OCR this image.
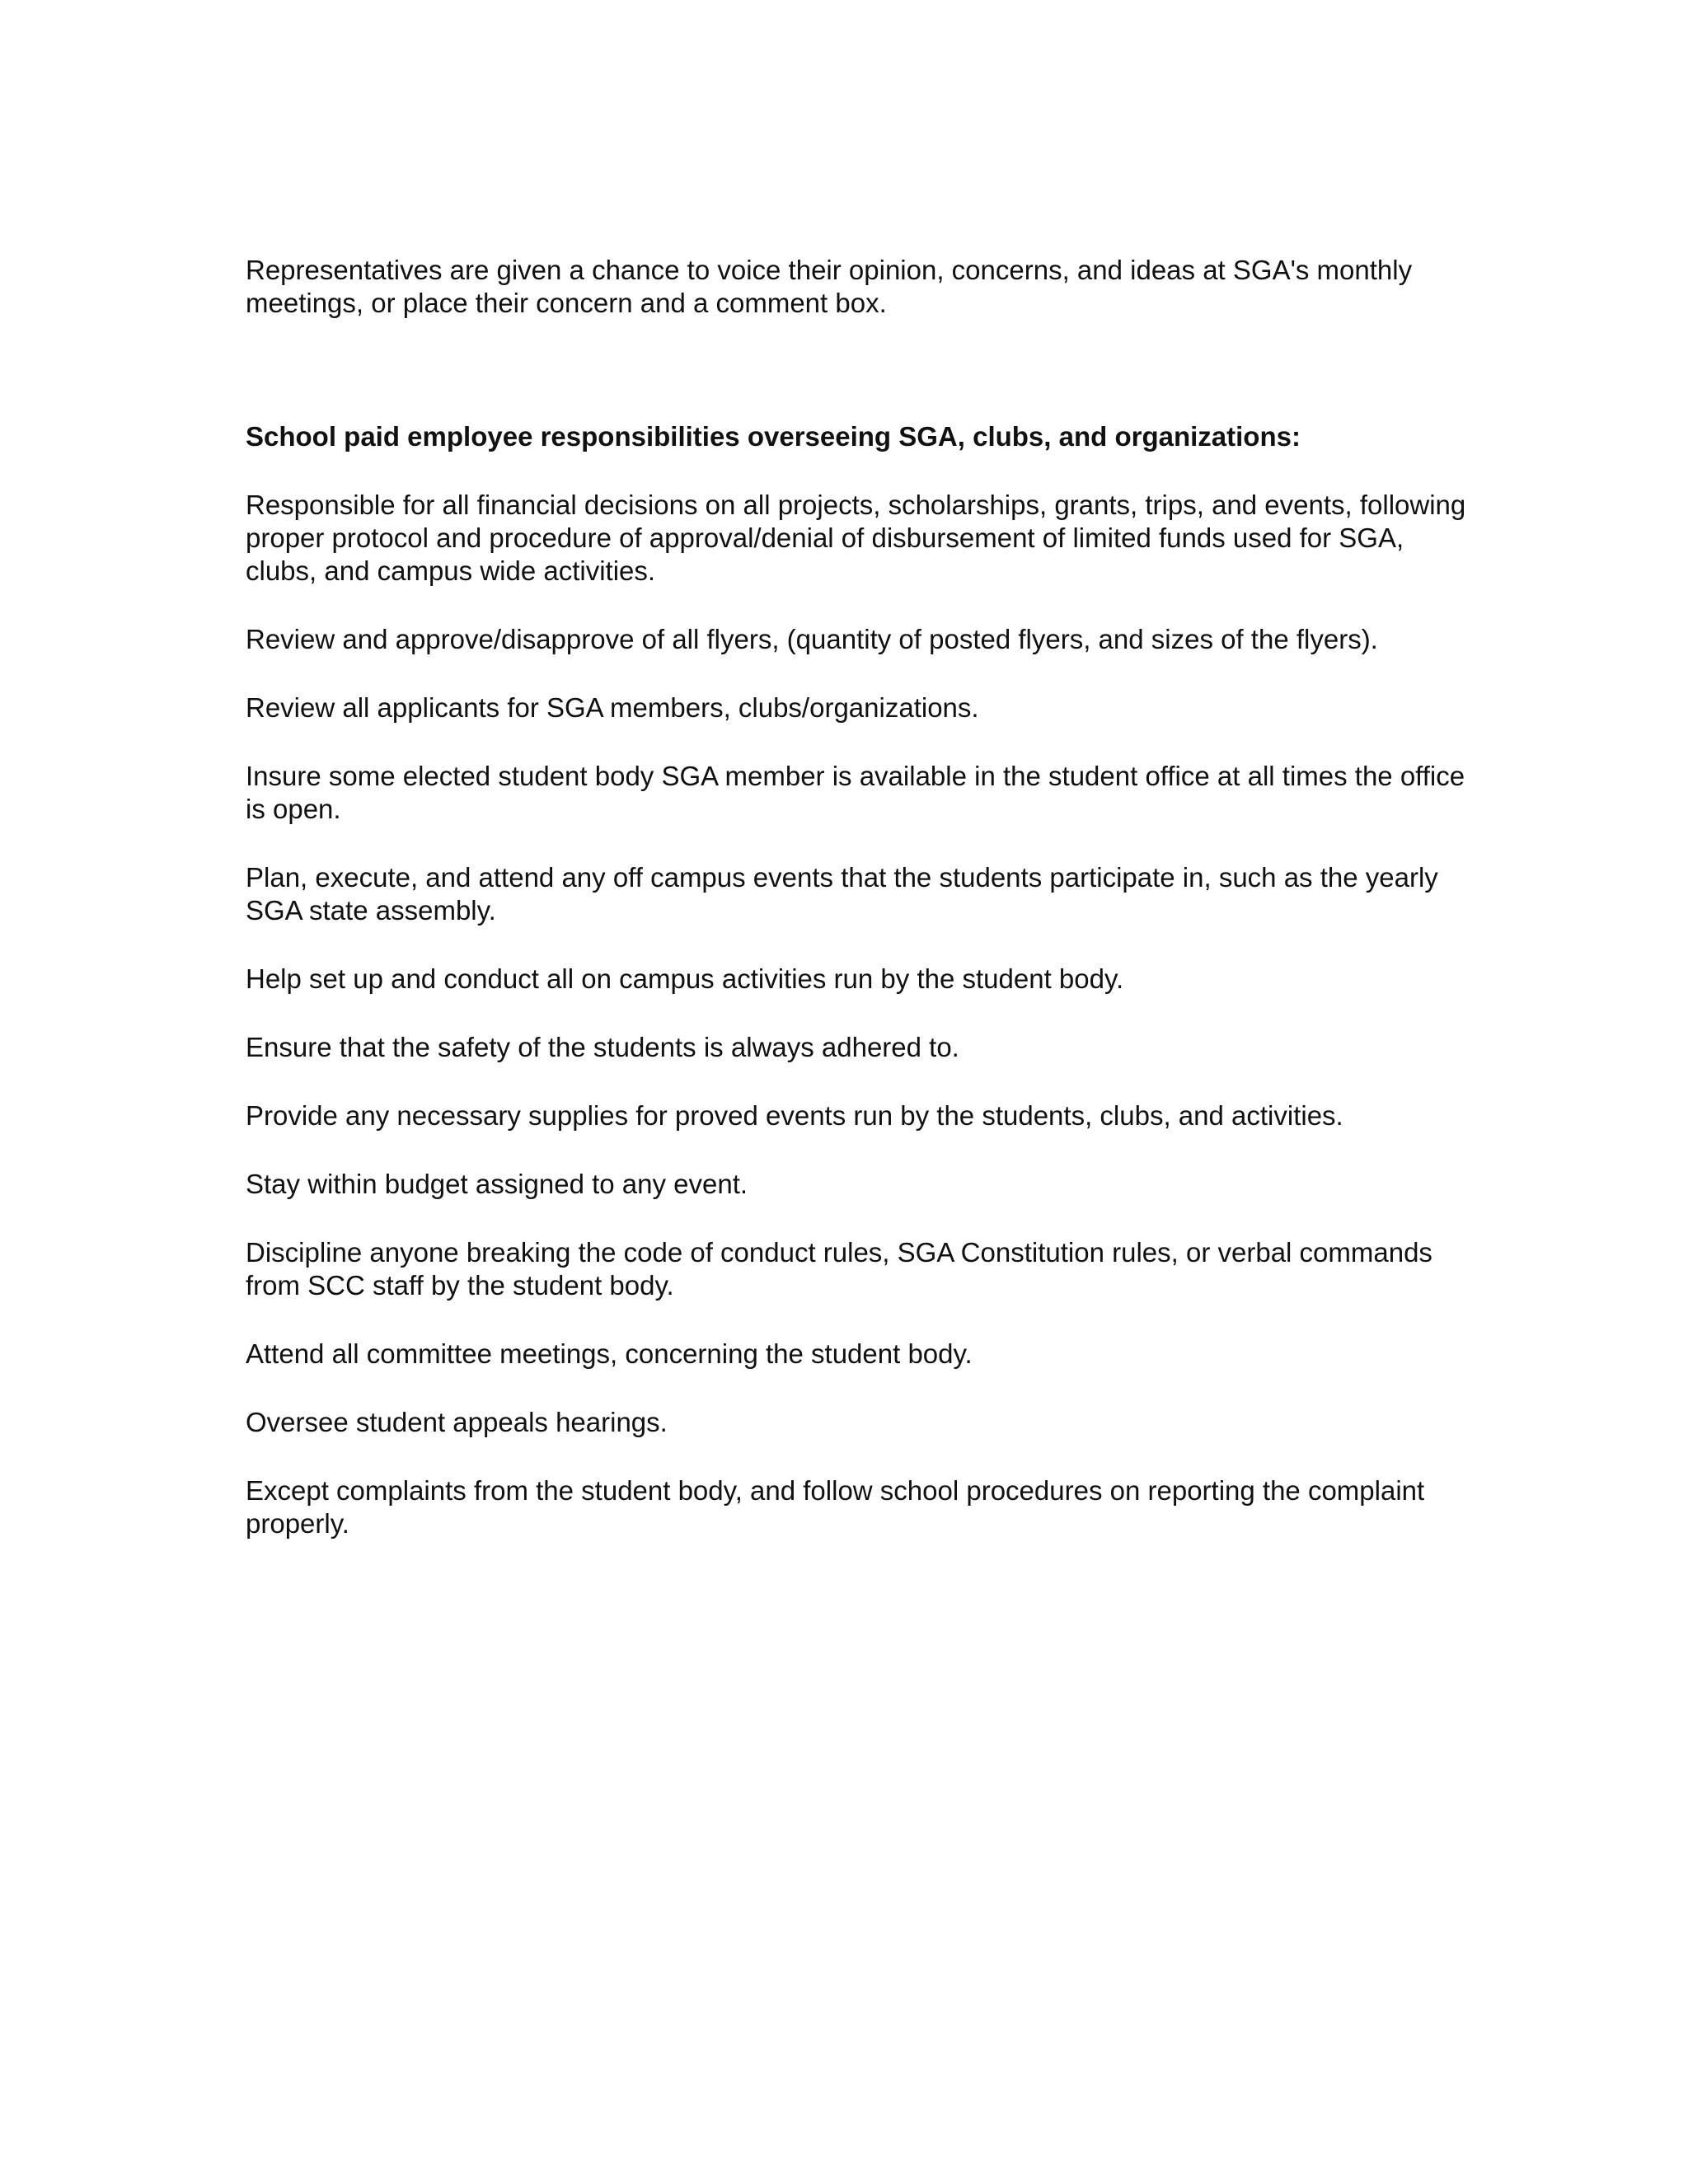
Representatives are given a chance to voice their opinion, concerns, and ideas at SGA's monthly meetings, or place their concern and a comment box.

School paid employee responsibilities overseeing SGA, clubs, and organizations:

Responsible for all financial decisions on all projects, scholarships, grants, trips, and events, following proper protocol and procedure of approval/denial of disbursement of limited funds used for SGA, clubs, and campus wide activities.

Review and approve/disapprove of all flyers, (quantity of posted flyers, and sizes of the flyers).

Review all applicants for SGA members, clubs/organizations.

Insure some elected student body SGA member is available in the student office at all times the office is open.

Plan, execute, and attend any off campus events that the students participate in, such as the yearly SGA state assembly.

Help set up and conduct all on campus activities run by the student body.

Ensure that the safety of the students is always adhered to.

Provide any necessary supplies for proved events run by the students, clubs, and activities.

Stay within budget assigned to any event.

Discipline anyone breaking the code of conduct rules, SGA Constitution rules, or verbal commands from SCC staff by the student body.

Attend all committee meetings, concerning the student body.

Oversee student appeals hearings.

Except complaints from the student body, and follow school procedures on reporting the complaint properly.
